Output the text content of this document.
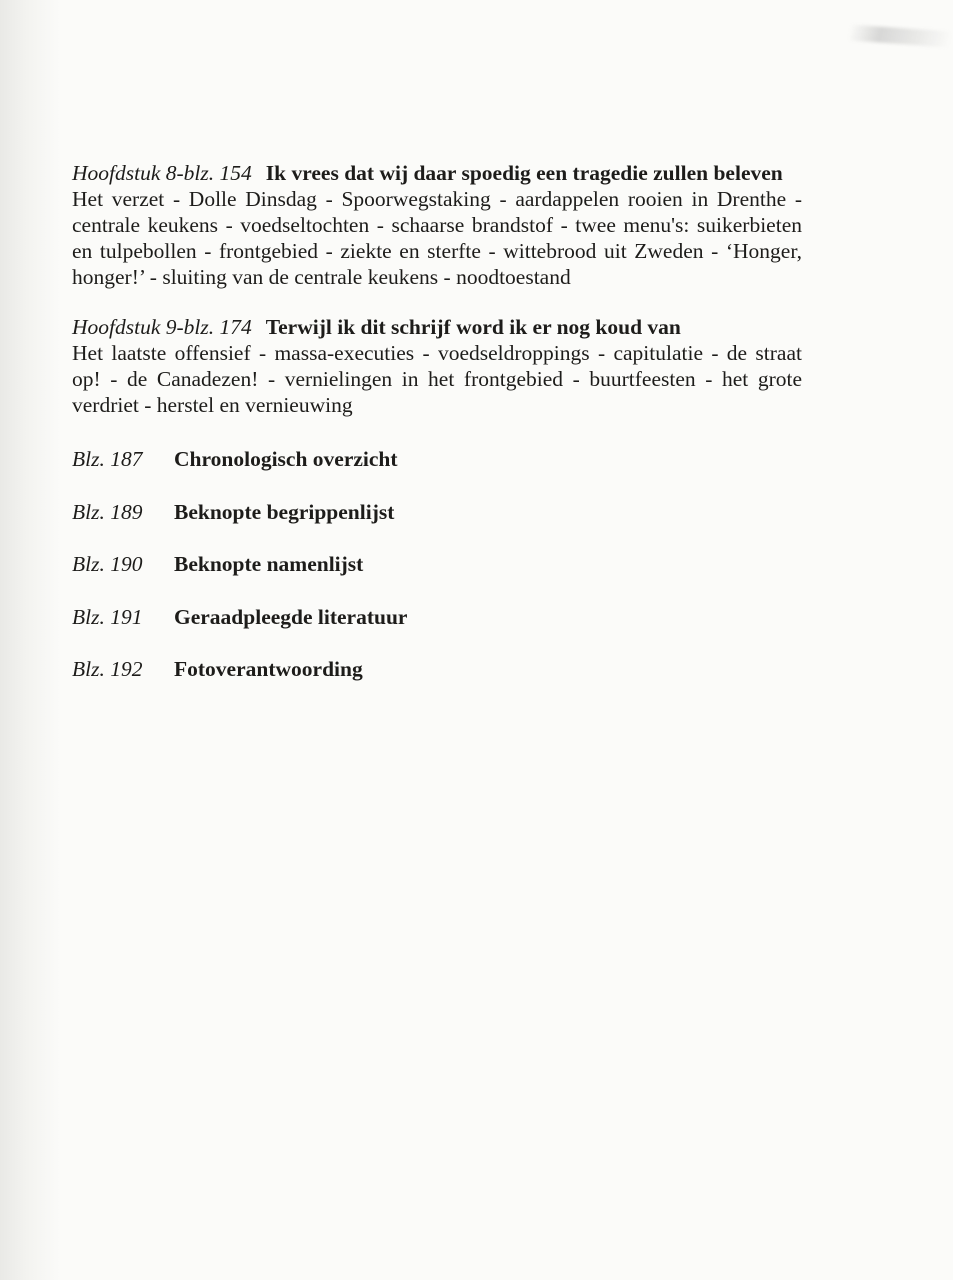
Hoofdstuk 8-blz. 154 Ik vrees dat wij daar spoedig een tragedie zullen beleven

Het verzet - Dolle Dinsdag - Spoorwegstaking - aardappelen rooien in Drenthe - centrale keukens - voedseltochten - schaarse brandstof - twee menu's: suikerbieten en tulpebollen - frontgebied - ziekte en sterfte - wittebrood uit Zweden - ‘Honger, honger!’ - sluiting van de centrale keukens - noodtoestand

Hoofdstuk 9-blz. 174 Terwijl ik dit schrijf word ik er nog koud van

Het laatste offensief - massa-executies - voedseldroppings - capitulatie - de straat op! - de Canadezen! - vernielingen in het frontgebied - buurtfeesten - het grote verdriet - herstel en vernieuwing

Blz. 187	Chronologisch overzicht

Blz. 189	Beknopte begrippenlijst

Blz. 190	Beknopte namenlijst

Blz. 191	Geraadpleegde literatuur

Blz. 192	Fotoverantwoording
